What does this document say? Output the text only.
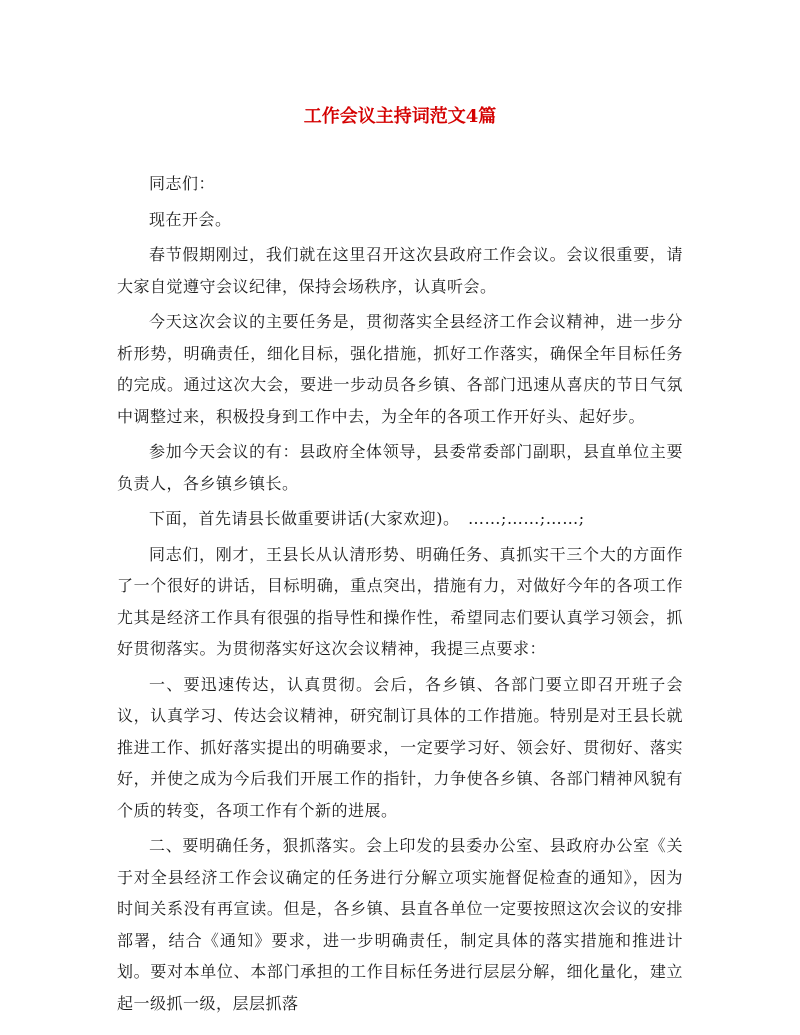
工作会议主持词范文4篇

同志们：

现在开会。

春节假期刚过，我们就在这里召开这次县政府工作会议。会议很重要，请大家自觉遵守会议纪律，保持会场秩序，认真听会。

今天这次会议的主要任务是，贯彻落实全县经济工作会议精神，进一步分析形势，明确责任，细化目标，强化措施，抓好工作落实，确保全年目标任务的完成。通过这次大会，要进一步动员各乡镇、各部门迅速从喜庆的节日气氛中调整过来，积极投身到工作中去，为全年的各项工作开好头、起好步。

参加今天会议的有：县政府全体领导，县委常委部门副职，县直单位主要负责人，各乡镇乡镇长。

下面，首先请县长做重要讲话(大家欢迎)。　……;……;……;

同志们，刚才，王县长从认清形势、明确任务、真抓实干三个大的方面作了一个很好的讲话，目标明确，重点突出，措施有力，对做好今年的各项工作尤其是经济工作具有很强的指导性和操作性，希望同志们要认真学习领会，抓好贯彻落实。为贯彻落实好这次会议精神，我提三点要求：

一、要迅速传达，认真贯彻。会后，各乡镇、各部门要立即召开班子会议，认真学习、传达会议精神，研究制订具体的工作措施。特别是对王县长就推进工作、抓好落实提出的明确要求，一定要学习好、领会好、贯彻好、落实好，并使之成为今后我们开展工作的指针，力争使各乡镇、各部门精神风貌有个质的转变，各项工作有个新的进展。

二、要明确任务，狠抓落实。会上印发的县委办公室、县政府办公室《关于对全县经济工作会议确定的任务进行分解立项实施督促检查的通知》，因为时间关系没有再宣读。但是，各乡镇、县直各单位一定要按照这次会议的安排部署，结合《通知》要求，进一步明确责任，制定具体的落实措施和推进计划。要对本单位、本部门承担的工作目标任务进行层层分解，细化量化，建立起一级抓一级，层层抓落
